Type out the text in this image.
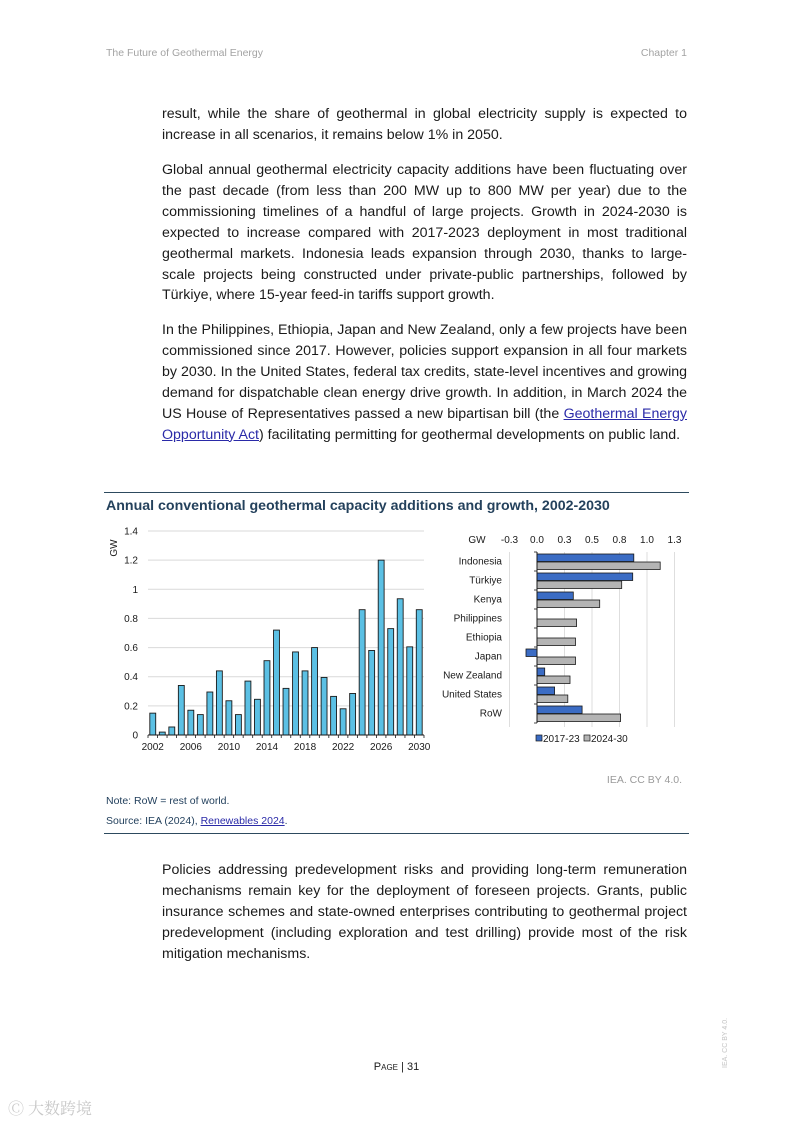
The Future of Geothermal Energy	Chapter 1

result, while the share of geothermal in global electricity supply is expected to increase in all scenarios, it remains below 1% in 2050.

Global annual geothermal electricity capacity additions have been fluctuating over the past decade (from less than 200 MW up to 800 MW per year) due to the commissioning timelines of a handful of large projects. Growth in 2024-2030 is expected to increase compared with 2017-2023 deployment in most traditional geothermal markets. Indonesia leads expansion through 2030, thanks to large-scale projects being constructed under private-public partnerships, followed by Türkiye, where 15-year feed-in tariffs support growth.

In the Philippines, Ethiopia, Japan and New Zealand, only a few projects have been commissioned since 2017. However, policies support expansion in all four markets by 2030. In the United States, federal tax credits, state-level incentives and growing demand for dispatchable clean energy drive growth. In addition, in March 2024 the US House of Representatives passed a new bipartisan bill (the Geothermal Energy Opportunity Act) facilitating permitting for geothermal developments on public land.

Annual conventional geothermal capacity additions and growth, 2002-2030
0
0.2
0.4
0.6
0.8
1
1.2
1.4
GW
2002 2006 2010 2014 2018 2022 2026 2030
GW -0.3 0.0 0.3 0.5 0.8 1.0 1.3
Indonesia
Türkiye
Kenya
Philippines
Ethiopia
Japan
New Zealand
United States
RoW
2017-23 2024-30
IEA. CC BY 4.0.
Note: RoW = rest of world.
Source: IEA (2024), Renewables 2024.

Policies addressing predevelopment risks and providing long-term remuneration mechanisms remain key for the deployment of foreseen projects. Grants, public insurance schemes and state-owned enterprises contributing to geothermal project predevelopment (including exploration and test drilling) provide most of the risk mitigation mechanisms.

Page | 31	IEA. CC BY 4.0.
Ⓒ 大数跨境
